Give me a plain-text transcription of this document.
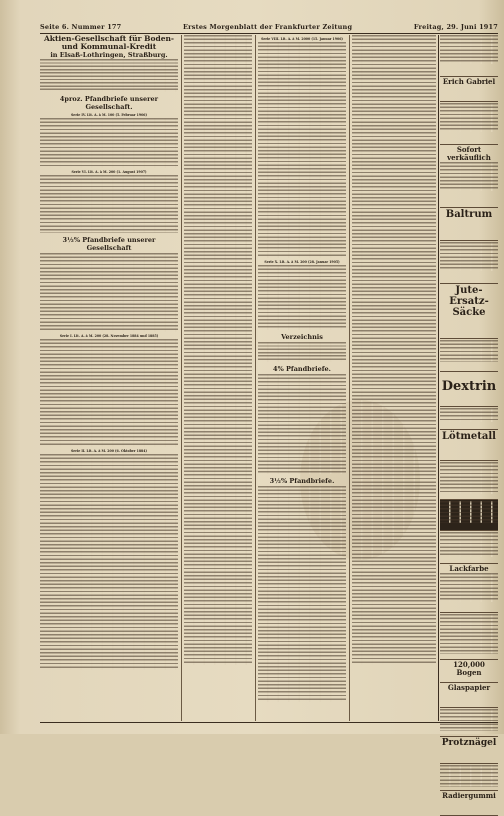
Seite 6. Nummer 177	Erstes Morgenblatt der Frankfurter Zeitung	Freitag, 29. Juni 1917
Aktien-Gesellschaft für Boden- und Kommunal-Kredit
in Elsaß-Lothringen, Straßburg.
4proz. Pfandbriefe unserer Gesellschaft.
Serie IV. Lit. A. à M. 100 (5. Februar 1906)
Serie VI. Lit. A. à M. 200 (1. August 1907)
3½% Pfandbriefe unserer Gesellschaft
Serie I. Lit. A. à M. 200 (28. November 1884 und 1885)
Serie II. Lit. A. à M. 200 (6. Oktober 1884)
Serie VIII. Lit. A. à M. 2000 (15. Januar 1906)
Serie X. Lit. A. à M. 200 (28. Januar 1905)
Verzeichnis
4% Pfandbriefe.
3½% Pfandbriefe.
Erich Gabriel
Sofort verkäuflich
Baltrum
Jute-Ersatz-Säcke
Dextrin
Lötmetall
Lackfarbe
120,000 Bogen
Glaspapier
Protznägel
Radiergummi
